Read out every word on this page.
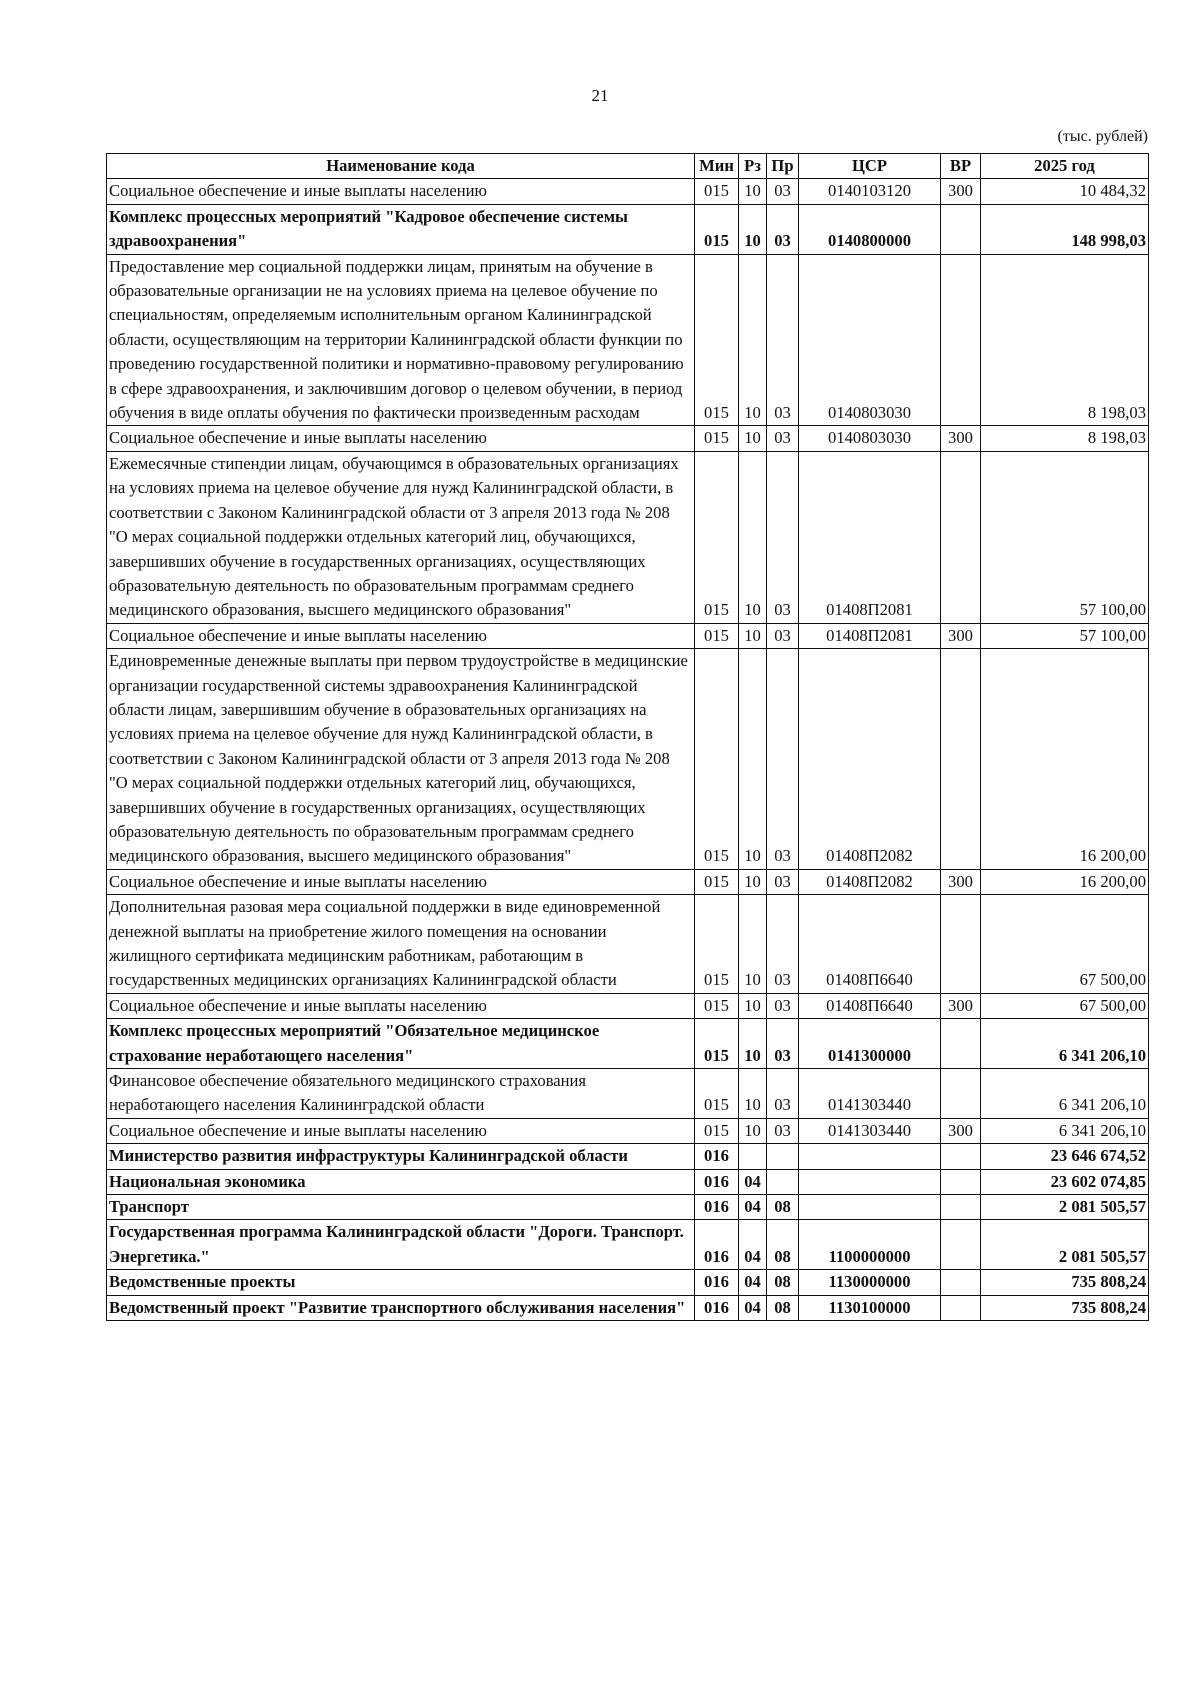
21
(тыс. рублей)
Наименование кода	Мин	Рз	Пр	ЦСР	ВР	2025 год
Социальное обеспечение и иные выплаты населению	015	10	03	0140103120	300	10 484,32
Комплекс процессных мероприятий "Кадровое обеспечение системы здравоохранения"	015	10	03	0140800000		148 998,03
Предоставление мер социальной поддержки лицам, принятым на обучение в образовательные организации не на условиях приема на целевое обучение по специальностям, определяемым исполнительным органом Калининградской области, осуществляющим на территории Калининградской области функции по проведению государственной политики и нормативно-правовому регулированию в сфере здравоохранения, и заключившим договор о целевом обучении, в период обучения в виде оплаты обучения по фактически произведенным расходам	015	10	03	0140803030		8 198,03
Социальное обеспечение и иные выплаты населению	015	10	03	0140803030	300	8 198,03
Ежемесячные стипендии лицам, обучающимся в образовательных организациях на условиях приема на целевое обучение для нужд Калининградской области, в соответствии с Законом Калининградской области от 3 апреля 2013 года № 208 "О мерах социальной поддержки отдельных категорий лиц, обучающихся, завершивших обучение в государственных организациях, осуществляющих образовательную деятельность по образовательным программам среднего медицинского образования, высшего медицинского образования"	015	10	03	01408П2081		57 100,00
Социальное обеспечение и иные выплаты населению	015	10	03	01408П2081	300	57 100,00
Единовременные денежные выплаты при первом трудоустройстве в медицинские организации государственной системы здравоохранения Калининградской области лицам, завершившим обучение в образовательных организациях на условиях приема на целевое обучение для нужд Калининградской области, в соответствии с Законом Калининградской области от 3 апреля 2013 года № 208 "О мерах социальной поддержки отдельных категорий лиц, обучающихся, завершивших обучение в государственных организациях, осуществляющих образовательную деятельность по образовательным программам среднего медицинского образования, высшего медицинского образования"	015	10	03	01408П2082		16 200,00
Социальное обеспечение и иные выплаты населению	015	10	03	01408П2082	300	16 200,00
Дополнительная разовая мера социальной поддержки в виде единовременной денежной выплаты на приобретение жилого помещения на основании жилищного сертификата медицинским работникам, работающим в государственных медицинских организациях Калининградской области	015	10	03	01408П6640		67 500,00
Социальное обеспечение и иные выплаты населению	015	10	03	01408П6640	300	67 500,00
Комплекс процессных мероприятий "Обязательное медицинское страхование неработающего населения"	015	10	03	0141300000		6 341 206,10
Финансовое обеспечение обязательного медицинского страхования неработающего населения Калининградской области	015	10	03	0141303440		6 341 206,10
Социальное обеспечение и иные выплаты населению	015	10	03	0141303440	300	6 341 206,10
Министерство развития инфраструктуры Калининградской области	016					23 646 674,52
Национальная экономика	016	04				23 602 074,85
Транспорт	016	04	08			2 081 505,57
Государственная программа Калининградской области "Дороги. Транспорт. Энергетика."	016	04	08	1100000000		2 081 505,57
Ведомственные проекты	016	04	08	1130000000		735 808,24
Ведомственный проект "Развитие транспортного обслуживания населения"	016	04	08	1130100000		735 808,24
